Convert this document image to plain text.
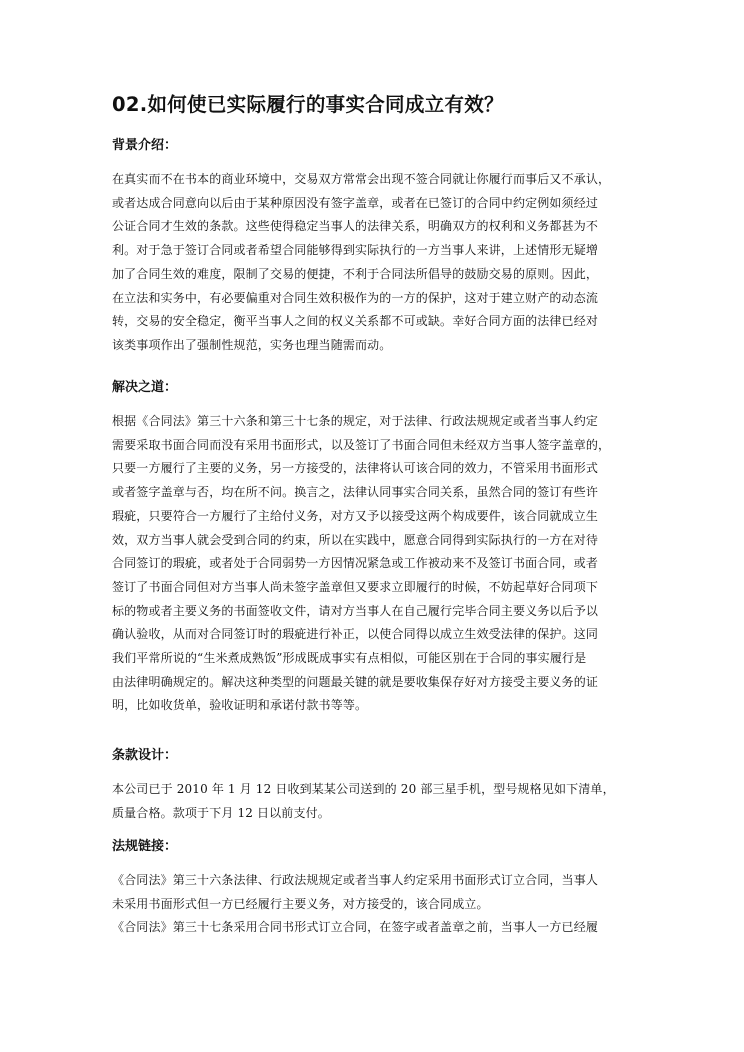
02.如何使已实际履行的事实合同成立有效？
背景介绍：
在真实而不在书本的商业环境中，交易双方常常会出现不签合同就让你履行而事后又不承认，
或者达成合同意向以后由于某种原因没有签字盖章，或者在已签订的合同中约定例如须经过
公证合同才生效的条款。这些使得稳定当事人的法律关系，明确双方的权利和义务都甚为不
利。对于急于签订合同或者希望合同能够得到实际执行的一方当事人来讲，上述情形无疑增
加了合同生效的难度，限制了交易的便捷，不利于合同法所倡导的鼓励交易的原则。因此，
在立法和实务中，有必要偏重对合同生效积极作为的一方的保护，这对于建立财产的动态流
转，交易的安全稳定，衡平当事人之间的权义关系都不可或缺。幸好合同方面的法律已经对
该类事项作出了强制性规范，实务也理当随需而动。
解决之道：
根据《合同法》第三十六条和第三十七条的规定，对于法律、行政法规规定或者当事人约定
需要采取书面合同而没有采用书面形式，以及签订了书面合同但未经双方当事人签字盖章的，
只要一方履行了主要的义务，另一方接受的，法律将认可该合同的效力，不管采用书面形式
或者签字盖章与否，均在所不问。换言之，法律认同事实合同关系，虽然合同的签订有些许
瑕疵，只要符合一方履行了主给付义务，对方又予以接受这两个构成要件，该合同就成立生
效，双方当事人就会受到合同的约束，所以在实践中，愿意合同得到实际执行的一方在对待
合同签订的瑕疵，或者处于合同弱势一方因情况紧急或工作被动来不及签订书面合同，或者
签订了书面合同但对方当事人尚未签字盖章但又要求立即履行的时候，不妨起草好合同项下
标的物或者主要义务的书面签收文件，请对方当事人在自己履行完毕合同主要义务以后予以
确认验收，从而对合同签订时的瑕疵进行补正，以使合同得以成立生效受法律的保护。这同
我们平常所说的“生米煮成熟饭”形成既成事实有点相似，可能区别在于合同的事实履行是
由法律明确规定的。解决这种类型的问题最关键的就是要收集保存好对方接受主要义务的证
明，比如收货单，验收证明和承诺付款书等等。
条款设计：
本公司已于 2010 年 1 月 12 日收到某某公司送到的 20 部三星手机，型号规格见如下清单，
质量合格。款项于下月 12 日以前支付。
法规链接：
《合同法》第三十六条法律、行政法规规定或者当事人约定采用书面形式订立合同，当事人
未采用书面形式但一方已经履行主要义务，对方接受的，该合同成立。
《合同法》第三十七条采用合同书形式订立合同，在签字或者盖章之前，当事人一方已经履
